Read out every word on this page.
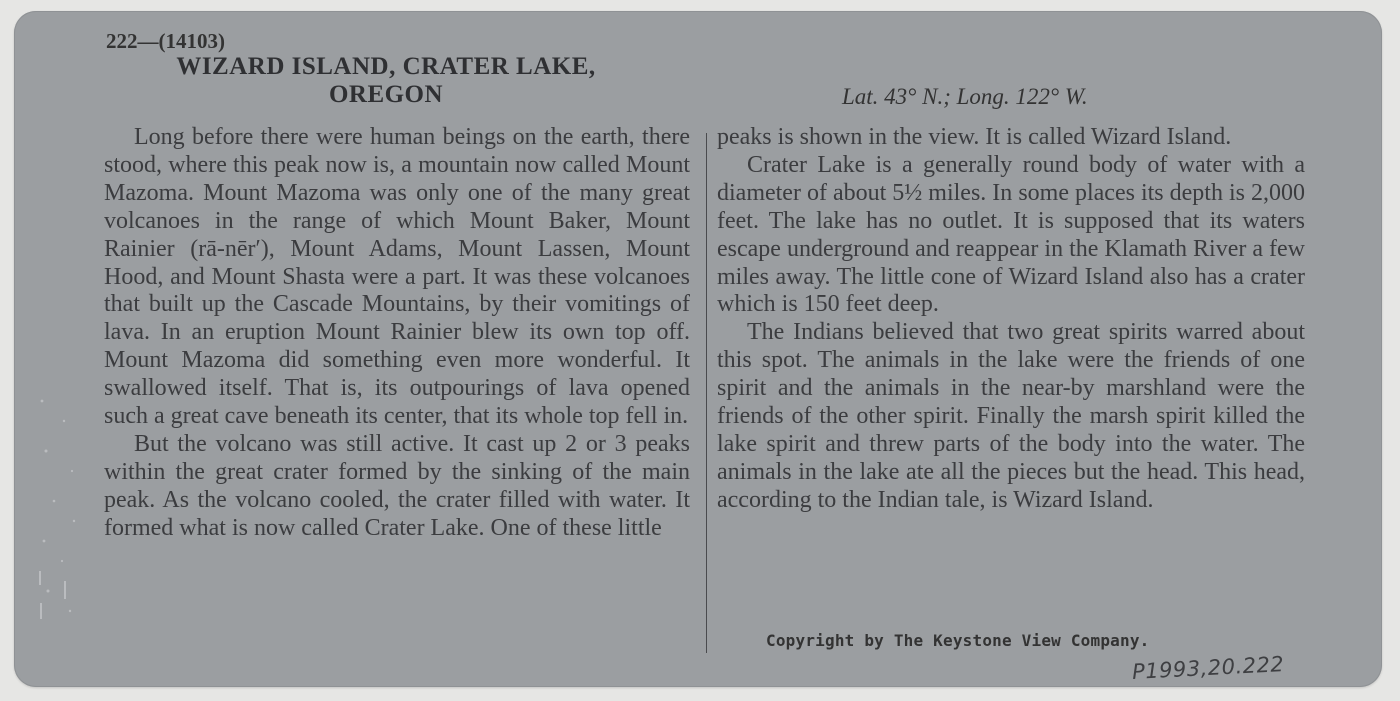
222—(14103)
WIZARD ISLAND, CRATER LAKE,
OREGON	Lat. 43° N.; Long. 122° W.

Long before there were human beings on the earth, there stood, where this peak now is, a mountain now called Mount Mazoma. Mount Mazoma was only one of the many great volcanoes in the range of which Mount Baker, Mount Rainier (rā-nēr′), Mount Adams, Mount Lassen, Mount Hood, and Mount Shasta were a part. It was these volcanoes that built up the Cascade Mountains, by their vomitings of lava. In an eruption Mount Rainier blew its own top off. Mount Mazoma did something even more wonderful. It swallowed itself. That is, its outpourings of lava opened such a great cave beneath its center, that its whole top fell in.

But the volcano was still active. It cast up 2 or 3 peaks within the great crater formed by the sinking of the main peak. As the volcano cooled, the crater filled with water. It formed what is now called Crater Lake. One of these little

peaks is shown in the view. It is called Wizard Island.

Crater Lake is a generally round body of water with a diameter of about 5½ miles. In some places its depth is 2,000 feet. The lake has no outlet. It is supposed that its waters escape underground and reappear in the Klamath River a few miles away. The little cone of Wizard Island also has a crater which is 150 feet deep.

The Indians believed that two great spirits warred about this spot. The animals in the lake were the friends of one spirit and the animals in the near-by marshland were the friends of the other spirit. Finally the marsh spirit killed the lake spirit and threw parts of the body into the water. The animals in the lake ate all the pieces but the head. This head, according to the Indian tale, is Wizard Island.

Copyright by The Keystone View Company.
P1993,20.222
